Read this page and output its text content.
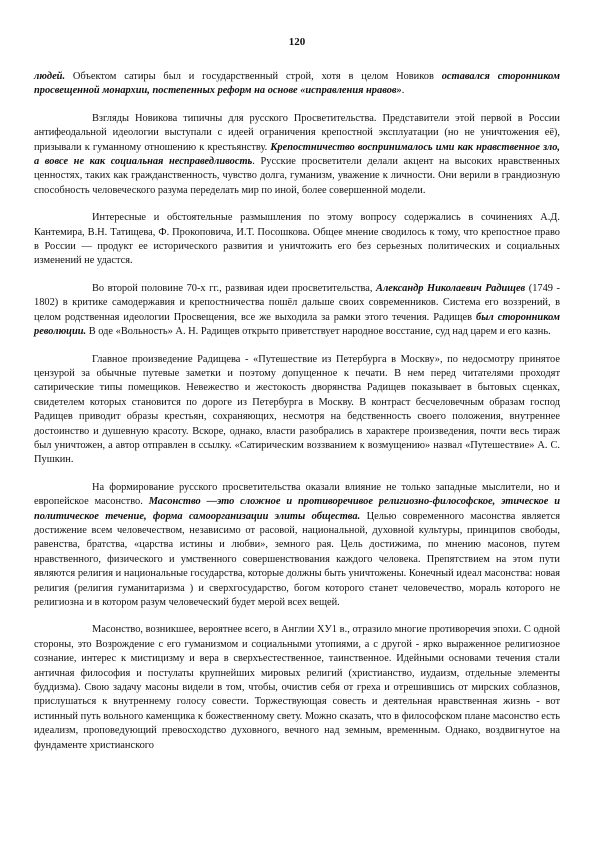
120

людей. Объектом сатиры был и государственный строй, хотя в целом Новиков оставался сторонником просвещенной монархии, постепенных реформ на основе «исправления нравов».

Взгляды Новикова типичны для русского Просветительства. Представители этой первой в России антифеодальной идеологии выступали с идеей ограничения крепостной эксплуатации (но не уничтожения её), призывали к гуманному отношению к крестьянству. Крепостничество воспринималось ими как нравственное зло, а вовсе не как социальная несправедливость. Русские просветители делали акцент на высоких нравственных ценностях, таких как гражданственность, чувство долга, гуманизм, уважение к личности. Они верили в грандиозную способность человеческого разума переделать мир по иной, более совершенной модели.

Интересные и обстоятельные размышления по этому вопросу содержались в сочинениях А.Д. Кантемира, В.Н. Татищева, Ф. Прокоповича, И.Т. Посошкова. Общее мнение сводилось к тому, что крепостное право в России — продукт ее исторического развития и уничтожить его без серьезных политических и социальных изменений не удастся.

Во второй половине 70-х гг., развивая идеи просветительства, Александр Николаевич Радищев (1749 - 1802) в критике самодержавия и крепостничества пошёл дальше своих современников. Система его воззрений, в целом родственная идеологии Просвещения, все же выходила за рамки этого течения. Радищев был сторонником революции. В оде «Вольность» А. Н. Радищев открыто приветствует народное восстание, суд над царем и его казнь.

Главное произведение Радищева - «Путешествие из Петербурга в Москву», по недосмотру принятое цензурой за обычные путевые заметки и поэтому допущенное к печати. В нем перед читателями проходят сатирические типы помещиков. Невежество и жестокость дворянства Радищев показывает в бытовых сценках, свидетелем которых становится по дороге из Петербурга в Москву. В контраст бесчеловечным образам господ Радищев приводит образы крестьян, сохраняющих, несмотря на бедственность своего положения, внутреннее достоинство и душевную красоту. Вскоре, однако, власти разобрались в характере произведения, почти весь тираж был уничтожен, а автор отправлен в ссылку. «Сатирическим воззванием к возмущению» назвал «Путешествие» А. С. Пушкин.

На формирование русского просветительства оказали влияние не только западные мыслители, но и европейское масонство. Масонство —это сложное и противоречивое религиозно-философское, этическое и политическое течение, форма самоорганизации элиты общества. Целью современного масонства является достижение всем человечеством, независимо от расовой, национальной, духовной культуры, принципов свободы, равенства, братства, «царства истины и любви», земного рая. Цель достижима, по мнению масонов, путем нравственного, физического и умственного совершенствования каждого человека. Препятствием на этом пути являются религия и национальные государства, которые должны быть уничтожены. Конечный идеал масонства: новая религия (религия гуманитаризма ) и сверхгосударство, богом которого станет человечество, мораль которого не религиозна и в котором разум человеческий будет мерой всех вещей.

Масонство, возникшее, вероятнее всего, в Англии ХУ1 в., отразило многие противоречия эпохи. С одной стороны, это Возрождение с его гуманизмом и социальными утопиями, а с другой - ярко выраженное религиозное сознание, интерес к мистицизму и вера в сверхъестественное, таинственное. Идейными основами течения стали античная философия и постулаты крупнейших мировых религий (христианство, иудаизм, отдельные элементы буддизма). Свою задачу масоны видели в том, чтобы, очистив себя от греха и отрешившись от мирских соблазнов, прислушаться к внутреннему голосу совести. Торжествующая совесть и деятельная нравственная жизнь - вот истинный путь вольного каменщика к божественному свету. Можно сказать, что в философском плане масонство есть идеализм, проповедующий превосходство духовного, вечного над земным, временным. Однако, воздвигнутое на фундаменте христианского
